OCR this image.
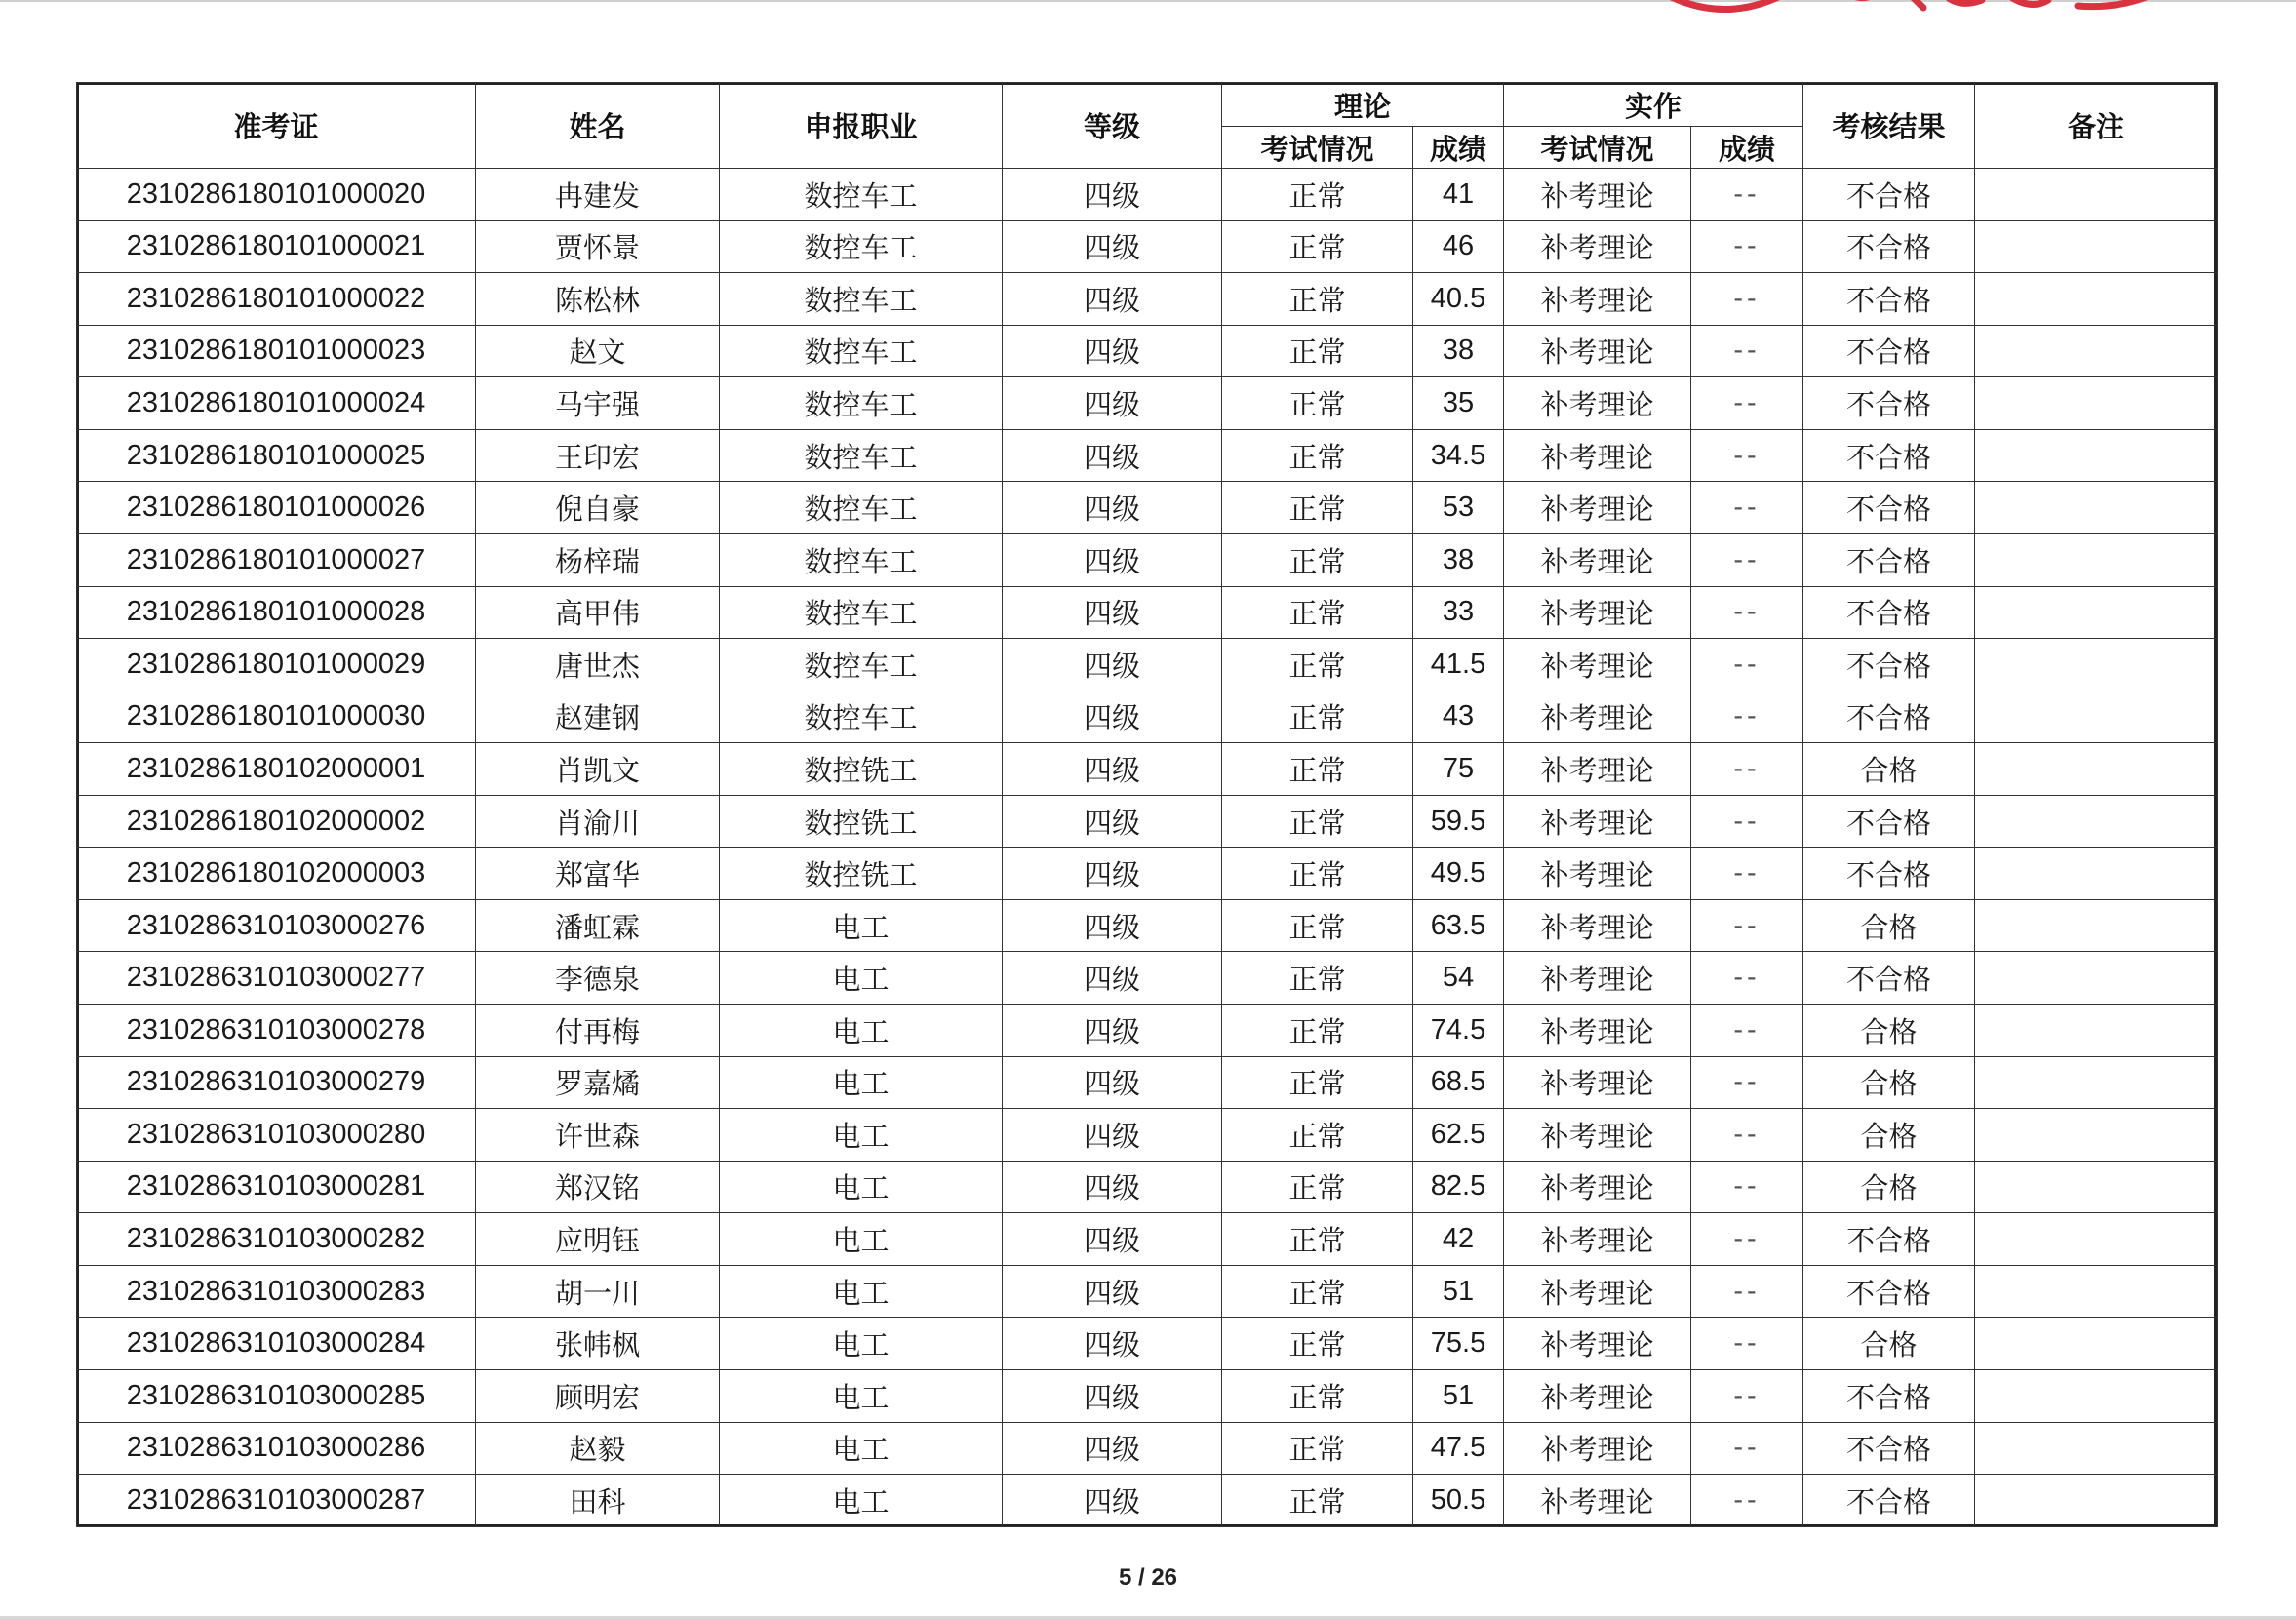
准考证	姓名	申报职业	等级	理论		实作		考核结果	备注
				考试情况	成绩	考试情况	成绩		
2310286180101000020	冉建发	数控车工	四级	正常	41	补考理论	--	不合格	
2310286180101000021	贾怀景	数控车工	四级	正常	46	补考理论	--	不合格	
2310286180101000022	陈松林	数控车工	四级	正常	40.5	补考理论	--	不合格	
2310286180101000023	赵文	数控车工	四级	正常	38	补考理论	--	不合格	
2310286180101000024	马宇强	数控车工	四级	正常	35	补考理论	--	不合格	
2310286180101000025	王印宏	数控车工	四级	正常	34.5	补考理论	--	不合格	
2310286180101000026	倪自豪	数控车工	四级	正常	53	补考理论	--	不合格	
2310286180101000027	杨梓瑞	数控车工	四级	正常	38	补考理论	--	不合格	
2310286180101000028	高甲伟	数控车工	四级	正常	33	补考理论	--	不合格	
2310286180101000029	唐世杰	数控车工	四级	正常	41.5	补考理论	--	不合格	
2310286180101000030	赵建钢	数控车工	四级	正常	43	补考理论	--	不合格	
2310286180102000001	肖凯文	数控铣工	四级	正常	75	补考理论	--	合格	
2310286180102000002	肖渝川	数控铣工	四级	正常	59.5	补考理论	--	不合格	
2310286180102000003	郑富华	数控铣工	四级	正常	49.5	补考理论	--	不合格	
2310286310103000276	潘虹霖	电工	四级	正常	63.5	补考理论	--	合格	
2310286310103000277	李德泉	电工	四级	正常	54	补考理论	--	不合格	
2310286310103000278	付再梅	电工	四级	正常	74.5	补考理论	--	合格	
2310286310103000279	罗嘉燏	电工	四级	正常	68.5	补考理论	--	合格	
2310286310103000280	许世森	电工	四级	正常	62.5	补考理论	--	合格	
2310286310103000281	郑汉铭	电工	四级	正常	82.5	补考理论	--	合格	
2310286310103000282	应明钰	电工	四级	正常	42	补考理论	--	不合格	
2310286310103000283	胡一川	电工	四级	正常	51	补考理论	--	不合格	
2310286310103000284	张帏枫	电工	四级	正常	75.5	补考理论	--	合格	
2310286310103000285	顾明宏	电工	四级	正常	51	补考理论	--	不合格	
2310286310103000286	赵毅	电工	四级	正常	47.5	补考理论	--	不合格	
2310286310103000287	田科	电工	四级	正常	50.5	补考理论	--	不合格	
5 / 26
